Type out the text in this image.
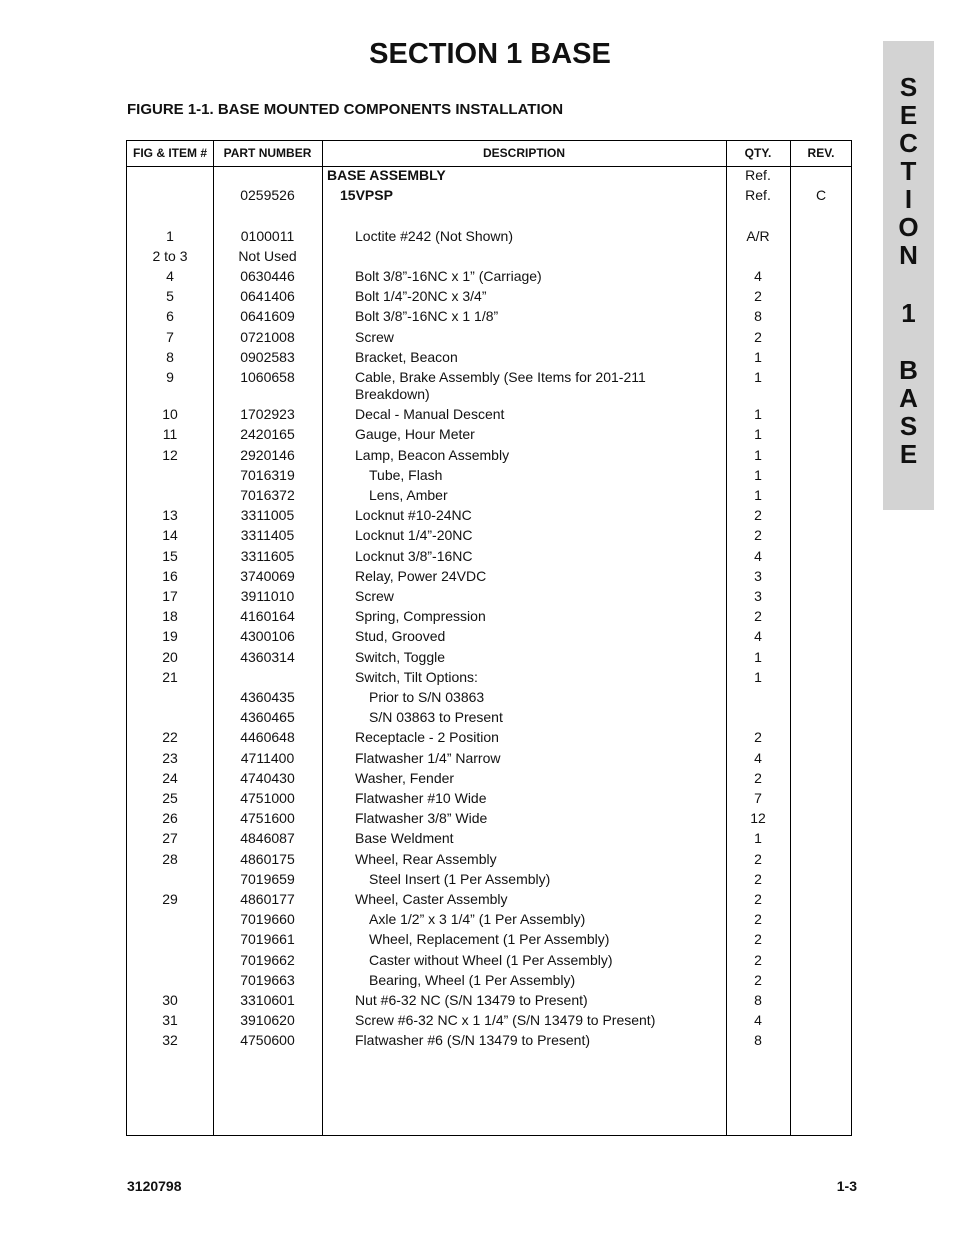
SECTION 1 BASE
FIGURE 1-1. BASE MOUNTED COMPONENTS INSTALLATION
S
E
C
T
I
O
N
1
B
A
S
E
FIG & ITEM #	PART NUMBER	DESCRIPTION	QTY.	REV.
BASE ASSEMBLY	Ref.
0259526	15VPSP	Ref.	C
1	0100011	Loctite #242 (Not Shown)	A/R
2 to 3	Not Used
4	0630446	Bolt 3/8”-16NC x 1” (Carriage)	4
5	0641406	Bolt 1/4”-20NC x 3/4”	2
6	0641609	Bolt 3/8”-16NC x 1 1/8”	8
7	0721008	Screw	2
8	0902583	Bracket, Beacon	1
9	1060658	Cable, Brake Assembly (See Items for 201-211	1
Breakdown)
10	1702923	Decal - Manual Descent	1
11	2420165	Gauge, Hour Meter	1
12	2920146	Lamp, Beacon Assembly	1
7016319	Tube, Flash	1
7016372	Lens, Amber	1
13	3311005	Locknut #10-24NC	2
14	3311405	Locknut 1/4”-20NC	2
15	3311605	Locknut 3/8”-16NC	4
16	3740069	Relay, Power 24VDC	3
17	3911010	Screw	3
18	4160164	Spring, Compression	2
19	4300106	Stud, Grooved	4
20	4360314	Switch, Toggle	1
21	Switch, Tilt Options:	1
4360435	Prior to S/N 03863
4360465	S/N 03863 to Present
22	4460648	Receptacle - 2 Position	2
23	4711400	Flatwasher 1/4” Narrow	4
24	4740430	Washer, Fender	2
25	4751000	Flatwasher #10 Wide	7
26	4751600	Flatwasher 3/8” Wide	12
27	4846087	Base Weldment	1
28	4860175	Wheel, Rear Assembly	2
7019659	Steel Insert (1 Per Assembly)	2
29	4860177	Wheel, Caster Assembly	2
7019660	Axle 1/2” x 3 1/4” (1 Per Assembly)	2
7019661	Wheel, Replacement (1 Per Assembly)	2
7019662	Caster without Wheel (1 Per Assembly)	2
7019663	Bearing, Wheel (1 Per Assembly)	2
30	3310601	Nut #6-32 NC (S/N 13479 to Present)	8
31	3910620	Screw #6-32 NC x 1 1/4” (S/N 13479 to Present)	4
32	4750600	Flatwasher #6 (S/N 13479 to Present)	8
3120798	1-3
